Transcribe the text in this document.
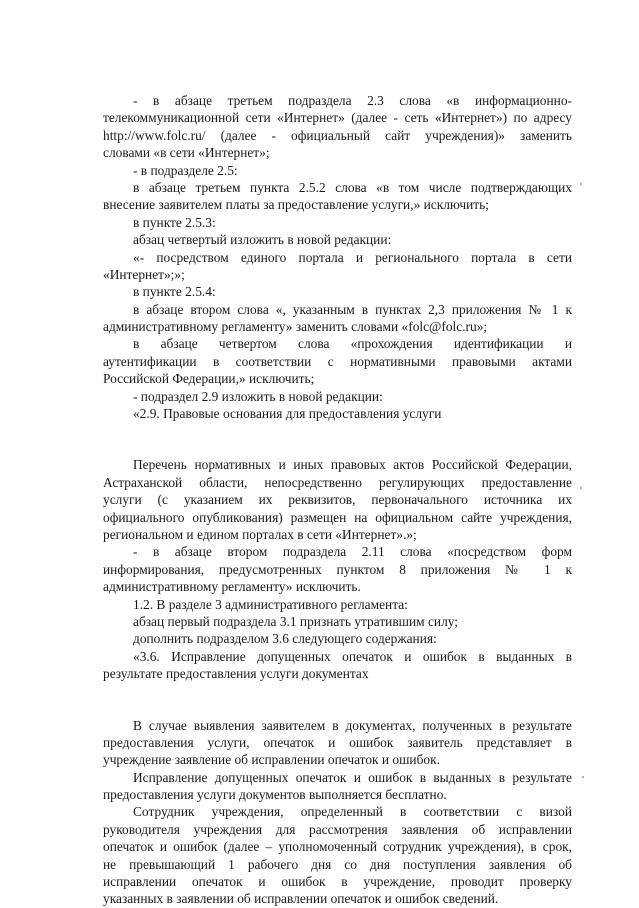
- в абзаце третьем подраздела 2.3 слова «в информационно-
телекоммуникационной сети «Интернет» (далее - сеть «Интернет») по адресу
http://www.folc.ru/ (далее - официальный сайт учреждения)» заменить
словами «в сети «Интернет»;
- в подразделе 2.5:
в абзаце третьем пункта 2.5.2 слова «в том числе подтверждающих
внесение заявителем платы за предоставление услуги,» исключить;
в пункте 2.5.3:
абзац четвертый изложить в новой редакции:
«- посредством единого портала и регионального портала в сети
«Интернет»;»;
в пункте 2.5.4:
в абзаце втором слова «, указанным в пунктах 2,3 приложения № 1 к
административному регламенту» заменить словами «folc@folc.ru»;
в абзаце четвертом слова «прохождения идентификации и
аутентификации в соответствии с нормативными правовыми актами
Российской Федерации,» исключить;
- подраздел 2.9 изложить в новой редакции:
«2.9. Правовые основания для предоставления услуги
Перечень нормативных и иных правовых актов Российской Федерации,
Астраханской области, непосредственно регулирующих предоставление
услуги (с указанием их реквизитов, первоначального источника их
официального опубликования) размещен на официальном сайте учреждения,
региональном и едином порталах в сети «Интернет».»;
- в абзаце втором подраздела 2.11 слова «посредством форм
информирования, предусмотренных пунктом 8 приложения № 1 к
административному регламенту» исключить.
1.2. В разделе 3 административного регламента:
абзац первый подраздела 3.1 признать утратившим силу;
дополнить подразделом 3.6 следующего содержания:
«3.6. Исправление допущенных опечаток и ошибок в выданных в
результате предоставления услуги документах
В случае выявления заявителем в документах, полученных в результате
предоставления услуги, опечаток и ошибок заявитель представляет в
учреждение заявление об исправлении опечаток и ошибок.
Исправление допущенных опечаток и ошибок в выданных в результате
предоставления услуги документов выполняется бесплатно.
Сотрудник учреждения, определенный в соответствии с визой
руководителя учреждения для рассмотрения заявления об исправлении
опечаток и ошибок (далее – уполномоченный сотрудник учреждения), в срок,
не превышающий 1 рабочего дня со дня поступления заявления об
исправлении опечаток и ошибок в учреждение, проводит проверку
указанных в заявлении об исправлении опечаток и ошибок сведений.
